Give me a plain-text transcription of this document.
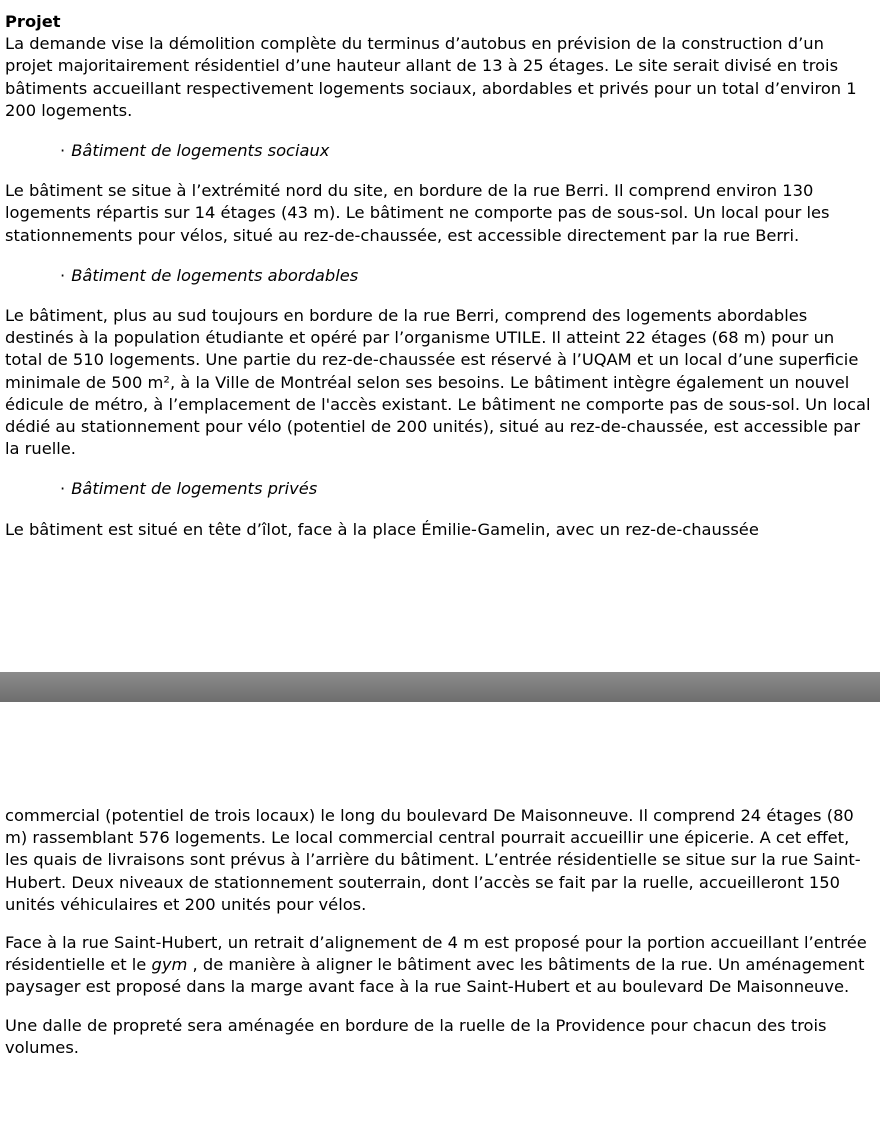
Projet

La demande vise la démolition complète du terminus d’autobus en prévision de la construction d’un projet majoritairement résidentiel d’une hauteur allant de 13 à 25 étages. Le site serait divisé en trois bâtiments accueillant respectivement logements sociaux, abordables et privés pour un total d’environ 1 200 logements.

· Bâtiment de logements sociaux

Le bâtiment se situe à l’extrémité nord du site, en bordure de la rue Berri. Il comprend environ 130 logements répartis sur 14 étages (43 m). Le bâtiment ne comporte pas de sous-sol. Un local pour les stationnements pour vélos, situé au rez-de-chaussée, est accessible directement par la rue Berri.

· Bâtiment de logements abordables

Le bâtiment, plus au sud toujours en bordure de la rue Berri, comprend des logements abordables destinés à la population étudiante et opéré par l’organisme UTILE. Il atteint 22 étages (68 m) pour un total de 510 logements. Une partie du rez-de-chaussée est réservé à l’UQAM et un local d’une superficie minimale de 500 m², à la Ville de Montréal selon ses besoins. Le bâtiment intègre également un nouvel édicule de métro, à l’emplacement de l'accès existant. Le bâtiment ne comporte pas de sous-sol. Un local dédié au stationnement pour vélo (potentiel de 200 unités), situé au rez-de-chaussée, est accessible par la ruelle.

· Bâtiment de logements privés

Le bâtiment est situé en tête d’îlot, face à la place Émilie-Gamelin, avec un rez-de-chaussée

commercial (potentiel de trois locaux) le long du boulevard De Maisonneuve. Il comprend 24 étages (80 m) rassemblant 576 logements. Le local commercial central pourrait accueillir une épicerie. A cet effet, les quais de livraisons sont prévus à l’arrière du bâtiment. L’entrée résidentielle se situe sur la rue Saint-Hubert. Deux niveaux de stationnement souterrain, dont l’accès se fait par la ruelle, accueilleront 150 unités véhiculaires et 200 unités pour vélos.

Face à la rue Saint-Hubert, un retrait d’alignement de 4 m est proposé pour la portion accueillant l’entrée résidentielle et le gym , de manière à aligner le bâtiment avec les bâtiments de la rue. Un aménagement paysager est proposé dans la marge avant face à la rue Saint-Hubert et au boulevard De Maisonneuve.

Une dalle de propreté sera aménagée en bordure de la ruelle de la Providence pour chacun des trois volumes.
